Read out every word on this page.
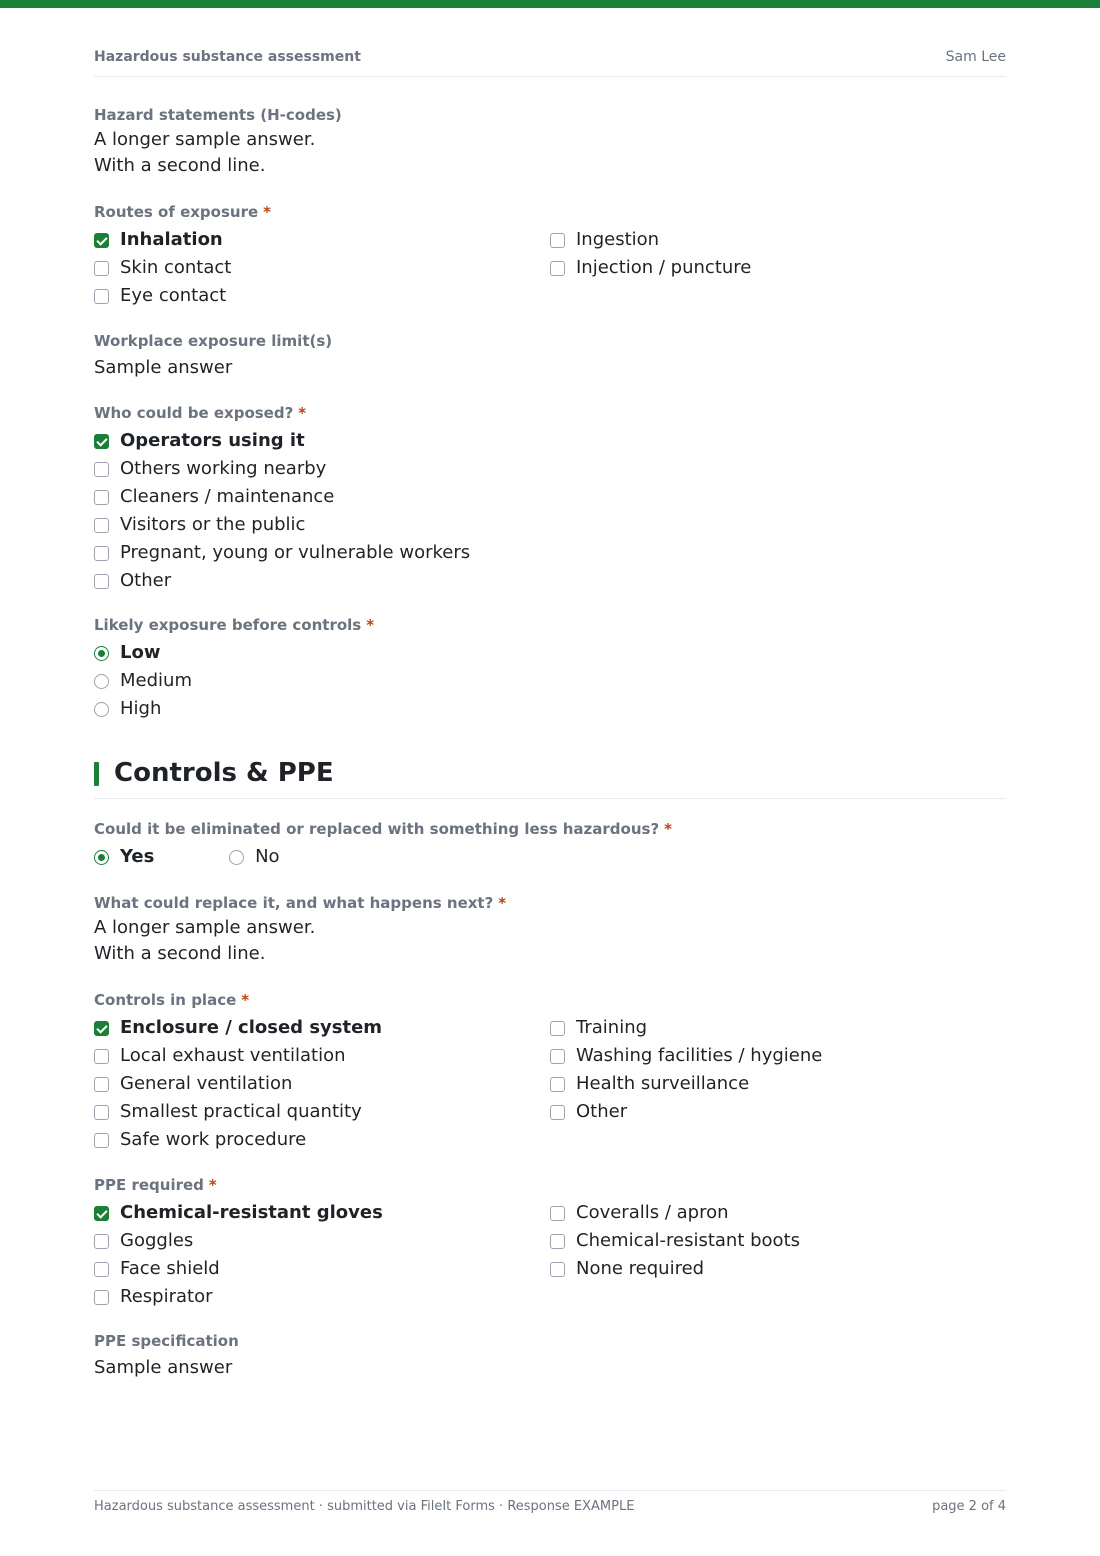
Hazardous substance assessment	Sam Lee
Hazard statements (H-codes)
A longer sample answer.
With a second line.
Routes of exposure *
Inhalation
Skin contact
Eye contact
Ingestion
Injection / puncture
Workplace exposure limit(s)
Sample answer
Who could be exposed? *
Operators using it
Others working nearby
Cleaners / maintenance
Visitors or the public
Pregnant, young or vulnerable workers
Other
Likely exposure before controls *
Low
Medium
High
Controls & PPE
Could it be eliminated or replaced with something less hazardous? *
Yes	No
What could replace it, and what happens next? *
A longer sample answer.
With a second line.
Controls in place *
Enclosure / closed system
Local exhaust ventilation
General ventilation
Smallest practical quantity
Safe work procedure
Training
Washing facilities / hygiene
Health surveillance
Other
PPE required *
Chemical-resistant gloves
Goggles
Face shield
Respirator
Coveralls / apron
Chemical-resistant boots
None required
PPE specification
Sample answer
Hazardous substance assessment · submitted via FileIt Forms · Response EXAMPLE	page 2 of 4
